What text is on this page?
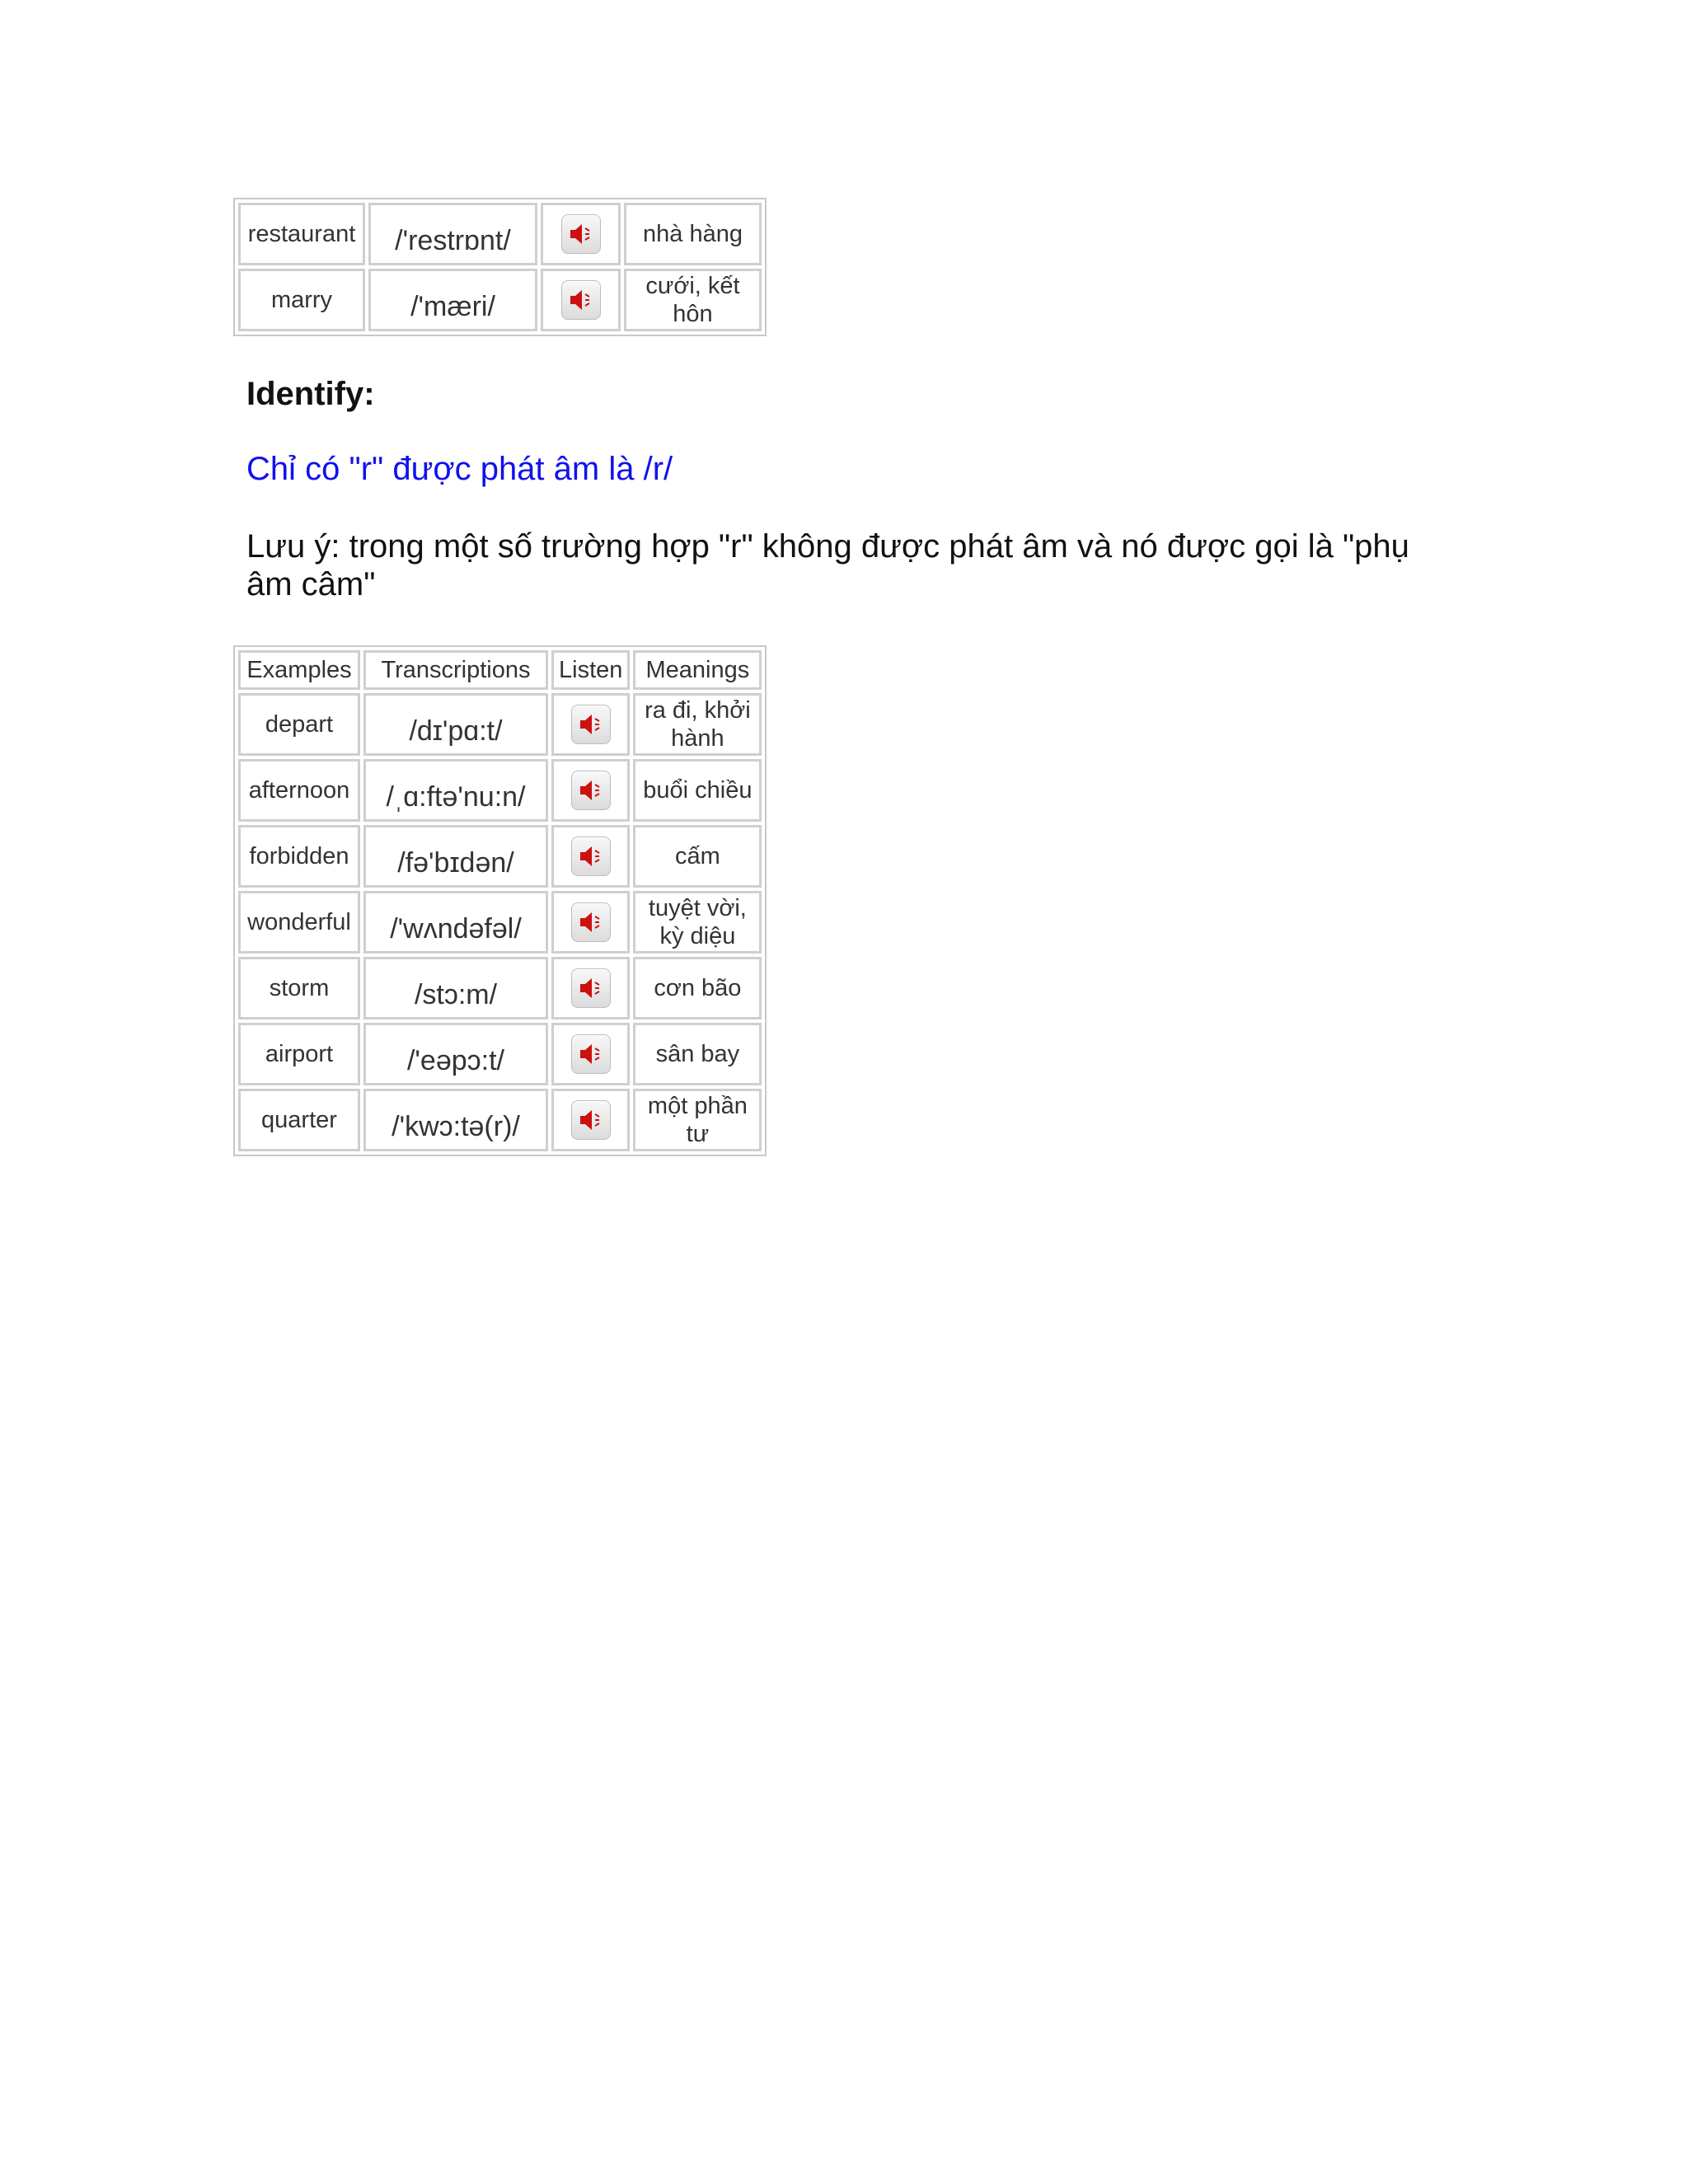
restaurant	/'restrɒnt/		nhà hàng
marry	/'mæri/		cưới, kết hôn
Identify:

Chỉ có "r" được phát âm là /r/

Lưu ý: trong một số trường hợp "r" không được phát âm và nó được gọi là "phụ âm câm"

Examples	Transcriptions	Listen	Meanings
depart	/dɪ'pɑ:t/		ra đi, khởi hành
afternoon	/ˌɑ:ftə'nu:n/		buổi chiều
forbidden	/fə'bɪdən/		cấm
wonderful	/'wʌndəfəl/		tuyệt vời, kỳ diệu
storm	/stɔ:m/		cơn bão
airport	/'eəpɔ:t/		sân bay
quarter	/'kwɔ:tə(r)/		một phần tư
